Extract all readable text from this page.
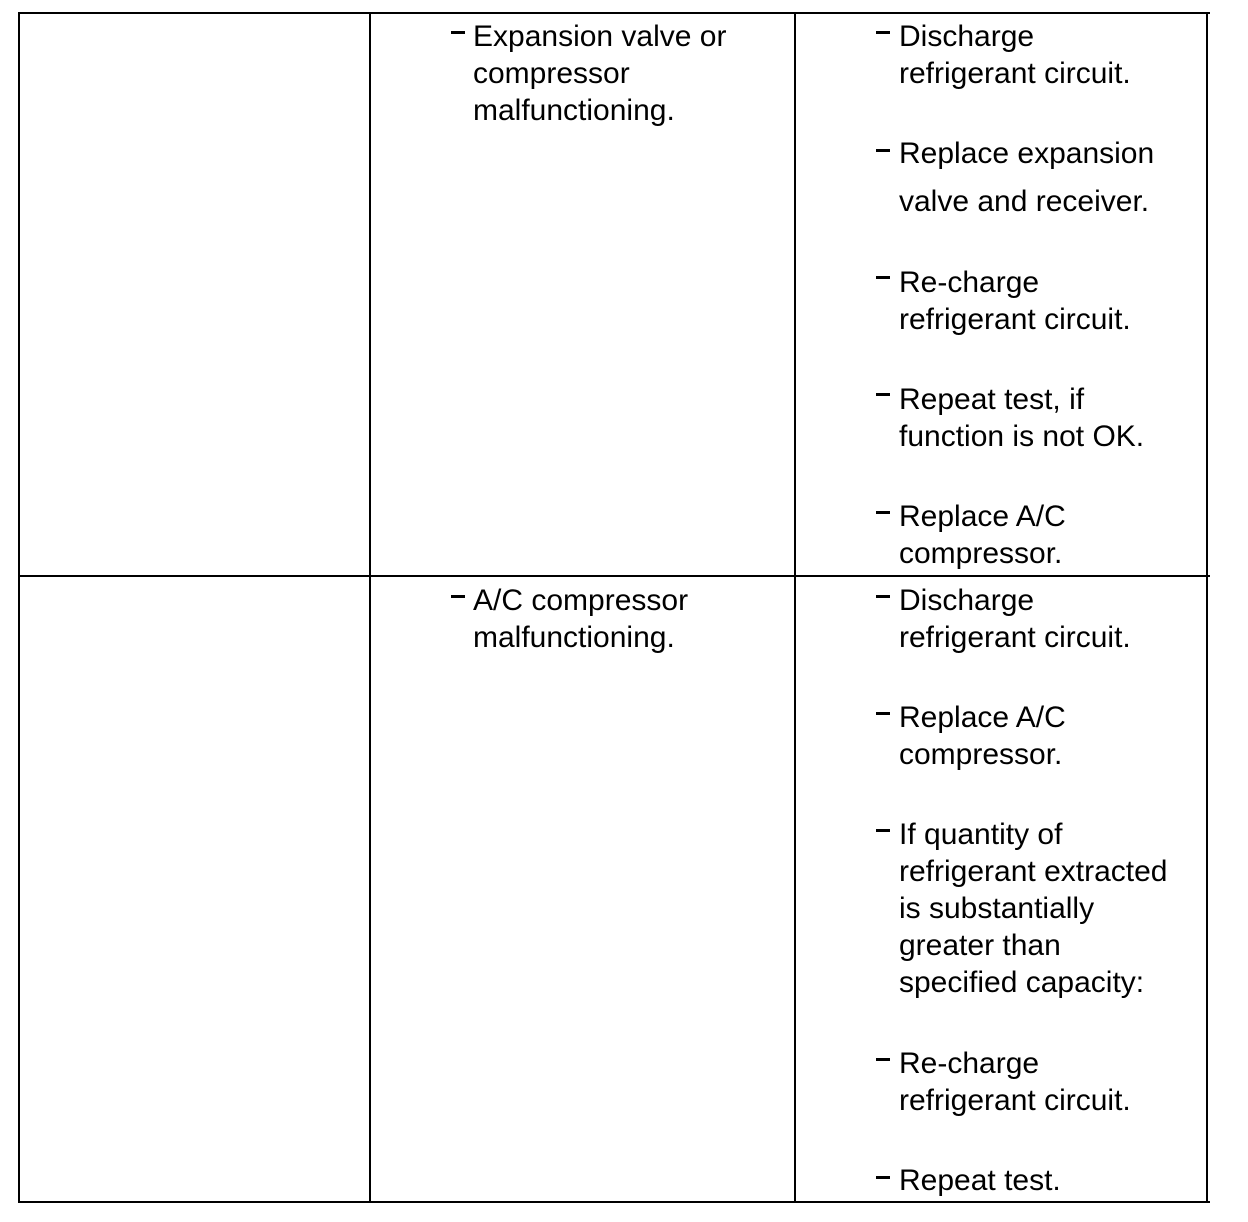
Expansion valve or
compressor
malfunctioning.
Discharge
refrigerant circuit.
Replace expansion
valve and receiver.
Re-charge
refrigerant circuit.
Repeat test, if
function is not OK.
Replace A/C
compressor.
A/C compressor
malfunctioning.
Discharge
refrigerant circuit.
Replace A/C
compressor.
If quantity of
refrigerant extracted
is substantially
greater than
specified capacity:
Re-charge
refrigerant circuit.
Repeat test.
